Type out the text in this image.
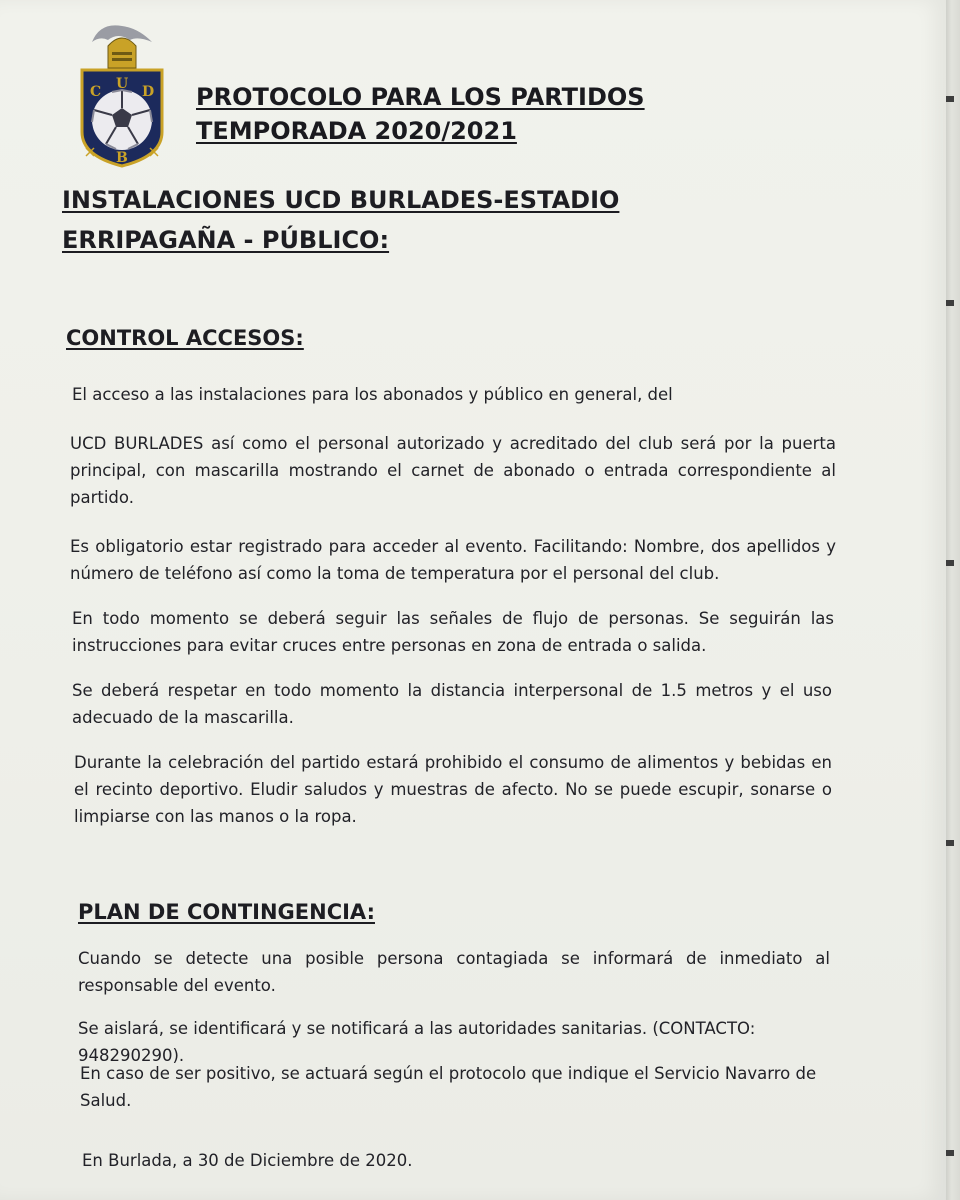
C U D
B
PROTOCOLO PARA LOS PARTIDOS TEMPORADA 2020/2021
INSTALACIONES UCD BURLADES-ESTADIO ERRIPAGAÑA - PÚBLICO:
CONTROL ACCESOS:

El acceso a las instalaciones para los abonados y público en general, del

UCD BURLADES así como el personal autorizado y acreditado del club será por la puerta principal, con mascarilla mostrando el carnet de abonado o entrada correspondiente al partido.

Es obligatorio estar registrado para acceder al evento. Facilitando: Nombre, dos apellidos y número de teléfono así como la toma de temperatura por el personal del club.

En todo momento se deberá seguir las señales de flujo de personas. Se seguirán las instrucciones para evitar cruces entre personas en zona de entrada o salida.

Se deberá respetar en todo momento la distancia interpersonal de 1.5 metros y el uso adecuado de la mascarilla.

Durante la celebración del partido estará prohibido el consumo de alimentos y bebidas en el recinto deportivo. Eludir saludos y muestras de afecto. No se puede escupir, sonarse o limpiarse con las manos o la ropa.

PLAN DE CONTINGENCIA:

Cuando se detecte una posible persona contagiada se informará de inmediato al responsable del evento.

Se aislará, se identificará y se notificará a las autoridades sanitarias. (CONTACTO: 948290290).

En caso de ser positivo, se actuará según el protocolo que indique el Servicio Navarro de Salud.

En Burlada, a 30 de Diciembre de 2020.
